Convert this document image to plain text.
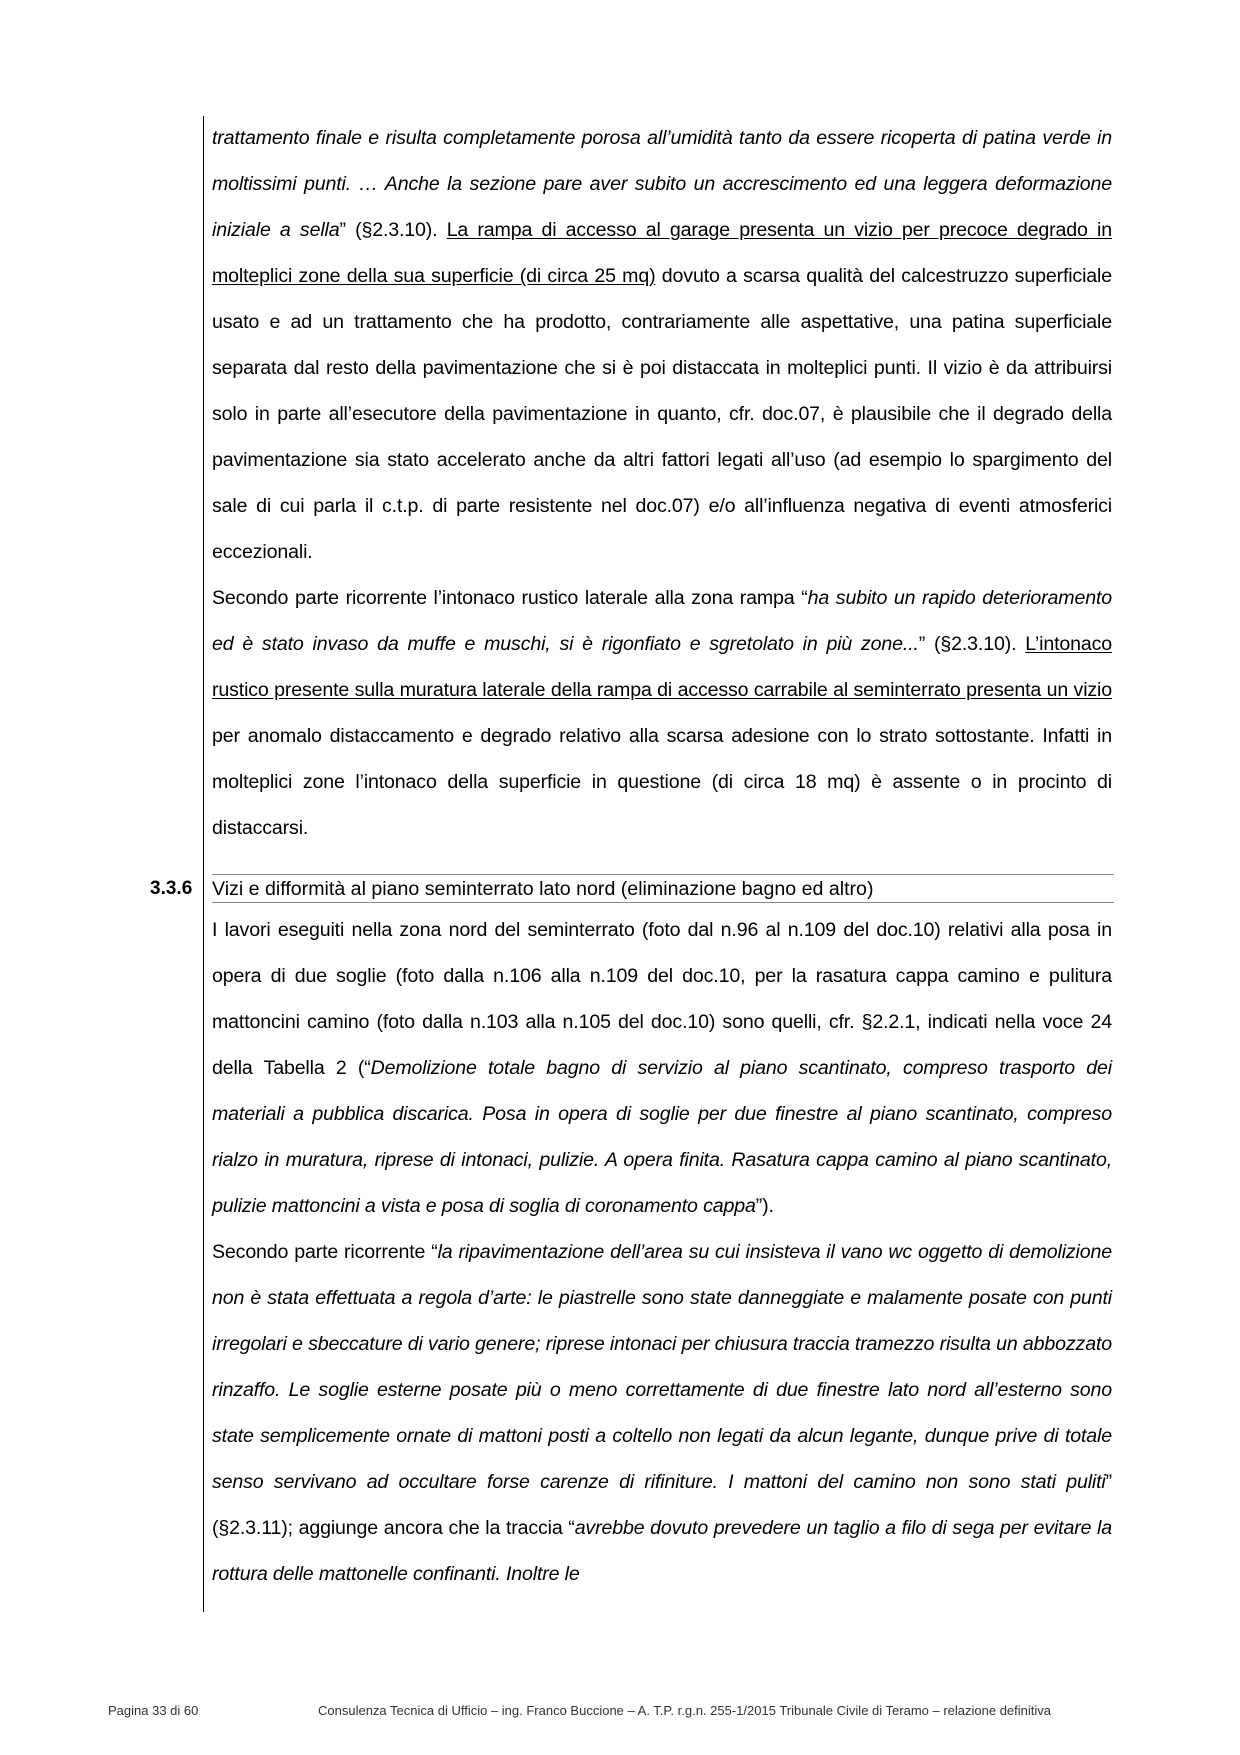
trattamento finale e risulta completamente porosa all’umidità tanto da essere ricoperta di patina verde in moltissimi punti. … Anche la sezione pare aver subito un accrescimento ed una leggera deformazione iniziale a sella” (§2.3.10). La rampa di accesso al garage presenta un vizio per precoce degrado in molteplici zone della sua superficie (di circa 25 mq) dovuto a scarsa qualità del calcestruzzo superficiale usato e ad un trattamento che ha prodotto, contrariamente alle aspettative, una patina superficiale separata dal resto della pavimentazione che si è poi distaccata in molteplici punti. Il vizio è da attribuirsi solo in parte all’esecutore della pavimentazione in quanto, cfr. doc.07, è plausibile che il degrado della pavimentazione sia stato accelerato anche da altri fattori legati all’uso (ad esempio lo spargimento del sale di cui parla il c.t.p. di parte resistente nel doc.07) e/o all’influenza negativa di eventi atmosferici eccezionali.

Secondo parte ricorrente l’intonaco rustico laterale alla zona rampa “ha subito un rapido deterioramento ed è stato invaso da muffe e muschi, si è rigonfiato e sgretolato in più zone...” (§2.3.10). L’intonaco rustico presente sulla muratura laterale della rampa di accesso carrabile al seminterrato presenta un vizio per anomalo distaccamento e degrado relativo alla scarsa adesione con lo strato sottostante. Infatti in molteplici zone l’intonaco della superficie in questione (di circa 18 mq) è assente o in procinto di distaccarsi.

3.3.6 Vizi e difformità al piano seminterrato lato nord (eliminazione bagno ed altro)

I lavori eseguiti nella zona nord del seminterrato (foto dal n.96 al n.109 del doc.10) relativi alla posa in opera di due soglie (foto dalla n.106 alla n.109 del doc.10, per la rasatura cappa camino e pulitura mattoncini camino (foto dalla n.103 alla n.105 del doc.10) sono quelli, cfr. §2.2.1, indicati nella voce 24 della Tabella 2 (“Demolizione totale bagno di servizio al piano scantinato, compreso trasporto dei materiali a pubblica discarica. Posa in opera di soglie per due finestre al piano scantinato, compreso rialzo in muratura, riprese di intonaci, pulizie. A opera finita. Rasatura cappa camino al piano scantinato, pulizie mattoncini a vista e posa di soglia di coronamento cappa”).

Secondo parte ricorrente “la ripavimentazione dell’area su cui insisteva il vano wc oggetto di demolizione non è stata effettuata a regola d’arte: le piastrelle sono state danneggiate e malamente posate con punti irregolari e sbeccature di vario genere; riprese intonaci per chiusura traccia tramezzo risulta un abbozzato rinzaffo. Le soglie esterne posate più o meno correttamente di due finestre lato nord all’esterno sono state semplicemente ornate di mattoni posti a coltello non legati da alcun legante, dunque prive di totale senso servivano ad occultare forse carenze di rifiniture. I mattoni del camino non sono stati puliti” (§2.3.11); aggiunge ancora che la traccia “avrebbe dovuto prevedere un taglio a filo di sega per evitare la rottura delle mattonelle confinanti. Inoltre le

Pagina 33 di 60	Consulenza Tecnica di Ufficio – ing. Franco Buccione – A. T.P. r.g.n. 255-1/2015 Tribunale Civile di Teramo – relazione definitiva
